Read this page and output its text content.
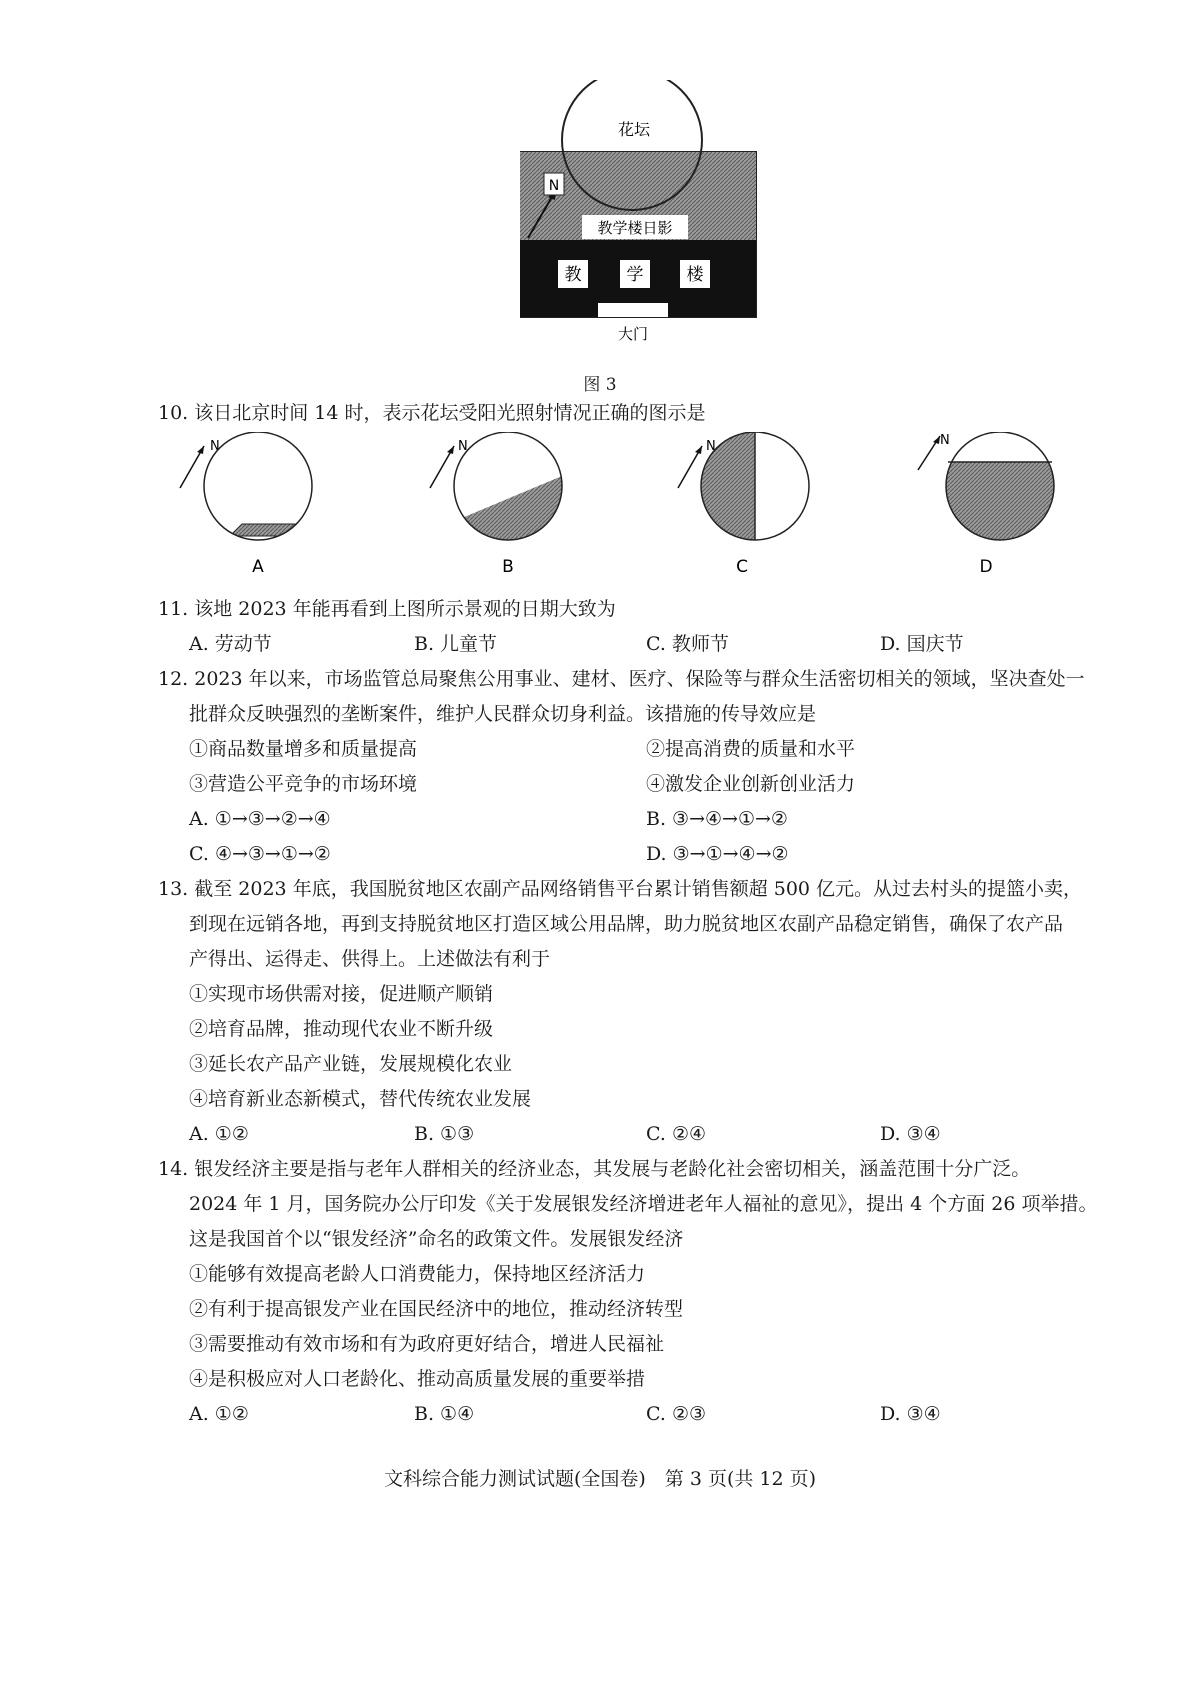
花坛
N
教学楼日影
教	学	楼
大门
图 3
10. 该日北京时间 14 时，表示花坛受阳光照射情况正确的图示是
N
A
N
B
N
C
N
D
11. 该地 2023 年能再看到上图所示景观的日期大致为
A. 劳动节	B. 儿童节	C. 教师节	D. 国庆节
12. 2023 年以来，市场监管总局聚焦公用事业、建材、医疗、保险等与群众生活密切相关的领域，坚决查处一
批群众反映强烈的垄断案件，维护人民群众切身利益。该措施的传导效应是
①商品数量增多和质量提高	②提高消费的质量和水平
③营造公平竞争的市场环境	④激发企业创新创业活力
A. ①→③→②→④	B. ③→④→①→②
C. ④→③→①→②	D. ③→①→④→②
13. 截至 2023 年底，我国脱贫地区农副产品网络销售平台累计销售额超 500 亿元。从过去村头的提篮小卖，
到现在远销各地，再到支持脱贫地区打造区域公用品牌，助力脱贫地区农副产品稳定销售，确保了农产品
产得出、运得走、供得上。上述做法有利于
①实现市场供需对接，促进顺产顺销
②培育品牌，推动现代农业不断升级
③延长农产品产业链，发展规模化农业
④培育新业态新模式，替代传统农业发展
A. ①②	B. ①③	C. ②④	D. ③④
14. 银发经济主要是指与老年人群相关的经济业态，其发展与老龄化社会密切相关，涵盖范围十分广泛。
2024 年 1 月，国务院办公厅印发《关于发展银发经济增进老年人福祉的意见》，提出 4 个方面 26 项举措。
这是我国首个以“银发经济”命名的政策文件。发展银发经济
①能够有效提高老龄人口消费能力，保持地区经济活力
②有利于提高银发产业在国民经济中的地位，推动经济转型
③需要推动有效市场和有为政府更好结合，增进人民福祉
④是积极应对人口老龄化、推动高质量发展的重要举措
A. ①②	B. ①④	C. ②③	D. ③④
文科综合能力测试试题(全国卷)　第 3 页(共 12 页)
